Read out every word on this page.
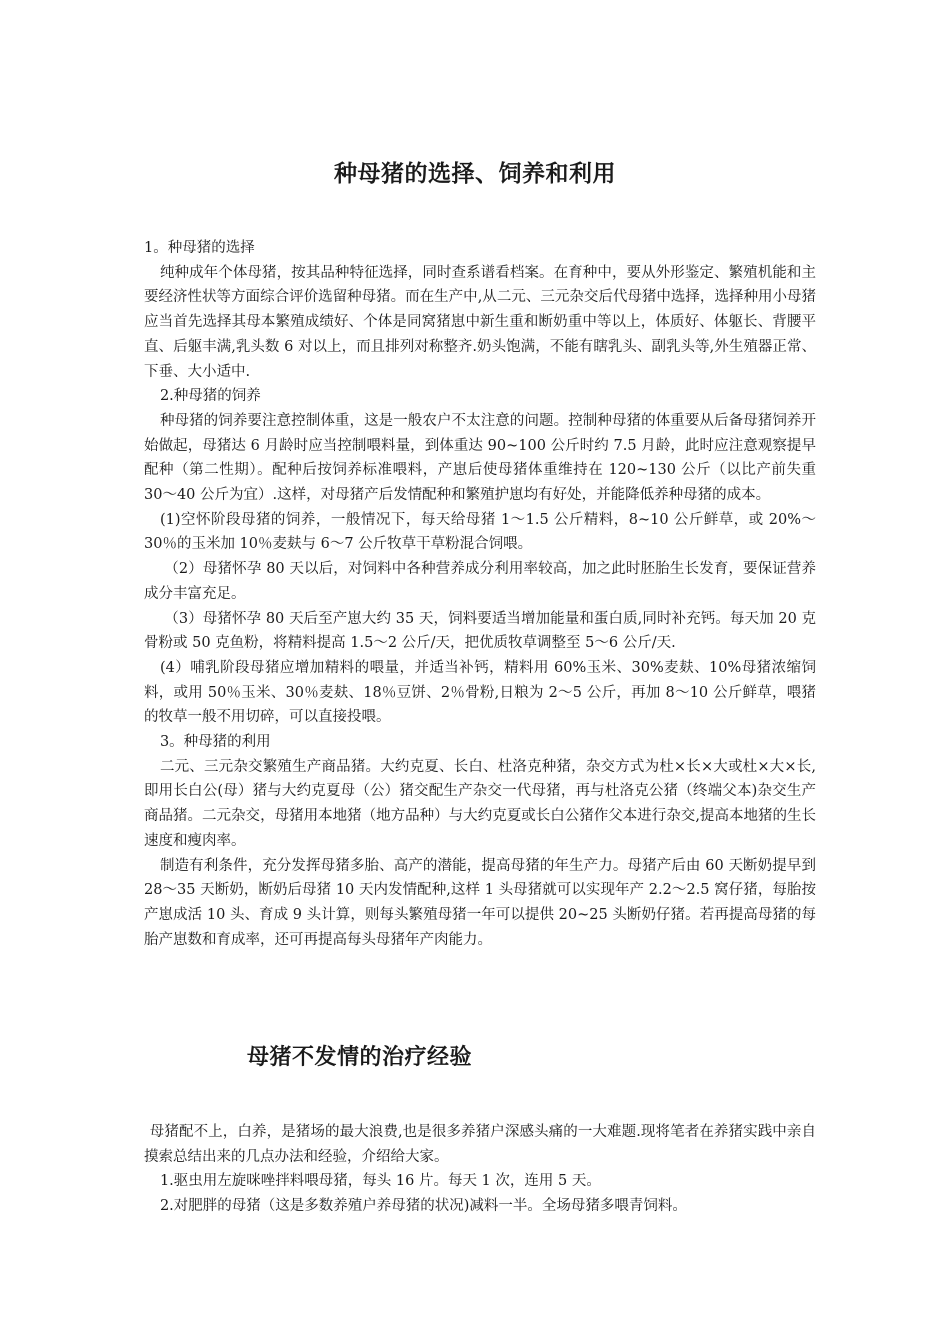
种母猪的选择、饲养和利用

1。种母猪的选择

纯种成年个体母猪，按其品种特征选择，同时查系谱看档案。在育种中，要从外形鉴定、繁殖机能和主要经济性状等方面综合评价选留种母猪。而在生产中,从二元、三元杂交后代母猪中选择，选择种用小母猪应当首先选择其母本繁殖成绩好、个体是同窝猪崽中新生重和断奶重中等以上，体质好、体躯长、背腰平直、后躯丰满,乳头数 6 对以上，而且排列对称整齐.奶头饱满，不能有瞎乳头、副乳头等,外生殖器正常、下垂、大小适中.

2.种母猪的饲养

种母猪的饲养要注意控制体重，这是一般农户不太注意的问题。控制种母猪的体重要从后备母猪饲养开始做起，母猪达 6 月龄时应当控制喂料量，到体重达 90~100 公斤时约 7.5 月龄，此时应注意观察提早配种（第二性期）。配种后按饲养标准喂料，产崽后使母猪体重维持在 120~130 公斤（以比产前失重 30～40 公斤为宜）.这样，对母猪产后发情配种和繁殖护崽均有好处，并能降低养种母猪的成本。

(1)空怀阶段母猪的饲养，一般情况下，每天给母猪 1～1.5 公斤精料，8~10 公斤鲜草，或 20%～30％的玉米加 10％麦麸与 6～7 公斤牧草干草粉混合饲喂。

（2）母猪怀孕 80 天以后，对饲料中各种营养成分利用率较高，加之此时胚胎生长发育，要保证营养成分丰富充足。

（3）母猪怀孕 80 天后至产崽大约 35 天，饲料要适当增加能量和蛋白质,同时补充钙。每天加 20 克骨粉或 50 克鱼粉，将精料提高 1.5～2 公斤/天，把优质牧草调整至 5～6 公斤/天.

(4）哺乳阶段母猪应增加精料的喂量，并适当补钙，精料用 60%玉米、30%麦麸、10%母猪浓缩饲料，或用 50％玉米、30％麦麸、18％豆饼、2％骨粉,日粮为 2～5 公斤，再加 8～10 公斤鲜草，喂猪的牧草一般不用切碎，可以直接投喂。

3。种母猪的利用

二元、三元杂交繁殖生产商品猪。大约克夏、长白、杜洛克种猪，杂交方式为杜×长×大或杜×大×长,即用长白公(母）猪与大约克夏母（公）猪交配生产杂交一代母猪，再与杜洛克公猪（终端父本)杂交生产商品猪。二元杂交，母猪用本地猪（地方品种）与大约克夏或长白公猪作父本进行杂交,提高本地猪的生长速度和瘦肉率。

制造有利条件，充分发挥母猪多胎、高产的潜能，提高母猪的年生产力。母猪产后由 60 天断奶提早到 28～35 天断奶，断奶后母猪 10 天内发情配种,这样 1 头母猪就可以实现年产 2.2～2.5 窝仔猪，每胎按产崽成活 10 头、育成 9 头计算，则每头繁殖母猪一年可以提供 20~25 头断奶仔猪。若再提高母猪的每胎产崽数和育成率，还可再提高每头母猪年产肉能力。

母猪不发情的治疗经验

母猪配不上，白养，是猪场的最大浪费,也是很多养猪户深感头痛的一大难题.现将笔者在养猪实践中亲自摸索总结出来的几点办法和经验，介绍给大家。

1.驱虫用左旋咪唑拌料喂母猪，每头 16 片。每天 1 次，连用 5 天。

2.对肥胖的母猪（这是多数养殖户养母猪的状况)减料一半。全场母猪多喂青饲料。
